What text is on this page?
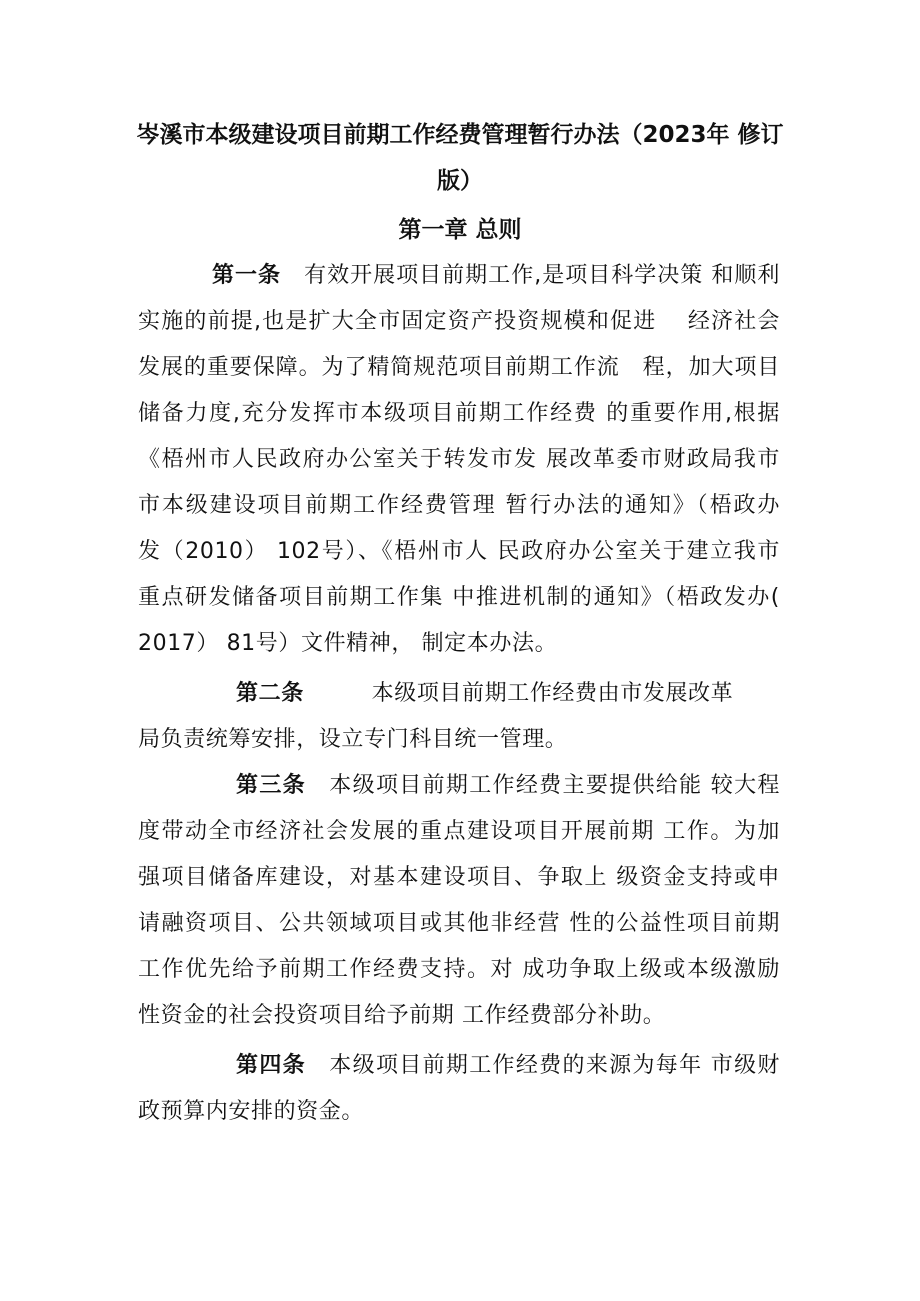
岑溪市本级建设项目前期工作经费管理暂行办法（2023年 修订版）
第一章 总则
第一条　 有效开展项目前期工作,是项目科学决策 和顺利
实施的前提,也是扩大全市固定资产投资规模和促进　 经济社会
发展的重要保障。为了精简规范项目前期工作流　程，加大项目
储备力度,充分发挥市本级项目前期工作经费 的重要作用,根据
《梧州市人民政府办公室关于转发市发 展改革委市财政局我市
市本级建设项目前期工作经费管理 暂行办法的通知》（梧政办
发（2010） 102号）、《梧州市人 民政府办公室关于建立我市
重点研发储备项目前期工作集 中推进机制的通知》（梧政发办(
2017） 81号）文件精神， 制定本办法。
第二条　　　	本级项目前期工作经费由市发展改革
局负责统筹安排，设立专门科目统一管理。
第三条　 本级项目前期工作经费主要提供给能 较大程
度带动全市经济社会发展的重点建设项目开展前期 工作。为加
强项目储备库建设，对基本建设项目、争取上 级资金支持或申
请融资项目、公共领域项目或其他非经营 性的公益性项目前期
工作优先给予前期工作经费支持。对 成功争取上级或本级激励
性资金的社会投资项目给予前期 工作经费部分补助。
第四条　 本级项目前期工作经费的来源为每年 市级财
政预算内安排的资金。
